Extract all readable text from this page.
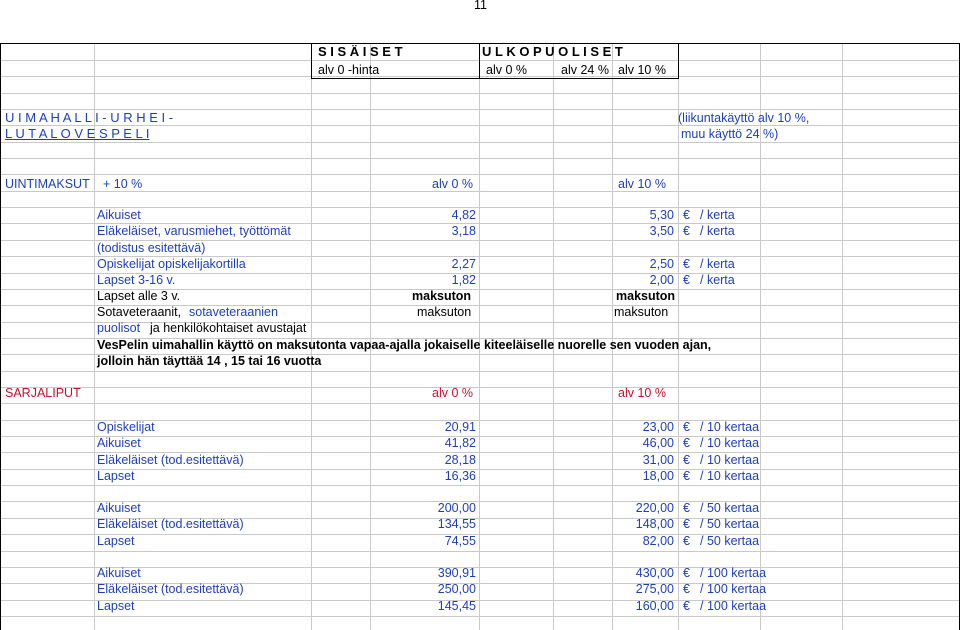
11
S I S Ä I S E T	U L K O P U O L I S E T
alv 0 -hinta	alv 0 %	alv 24 % alv 10 %
U I M A H A L L I - U R H E I -
L U T A L O V E S P E L I
(liikuntakäyttö alv 10 %,
muu käyttö 24 %)
UINTIMAKSUT + 10 %	alv 0 %	alv 10 %
Aikuiset	4,82	5,30 € / kerta
Eläkeläiset, varusmiehet, työttömät	3,18	3,50 € / kerta
(todistus esitettävä)
Opiskelijat opiskelijakortilla	2,27	2,50 € / kerta
Lapset 3-16 v.	1,82	2,00 € / kerta
Lapset alle 3 v.	maksuton	maksuton
Sotaveteraanit, sotaveteraanien	maksuton	maksuton
puolisot ja henkilökohtaiset avustajat
VesPelin uimahallin käyttö on maksutonta vapaa-ajalla jokaiselle kiteeläiselle nuorelle sen vuoden ajan,
jolloin hän täyttää 14 , 15 tai 16 vuotta
SARJALIPUT	alv 0 %	alv 10 %
Opiskelijat	20,91	23,00 € / 10 kertaa
Aikuiset	41,82	46,00 € / 10 kertaa
Eläkeläiset (tod.esitettävä)	28,18	31,00 € / 10 kertaa
Lapset	16,36	18,00 € / 10 kertaa
Aikuiset	200,00	220,00 € / 50 kertaa
Eläkeläiset (tod.esitettävä)	134,55	148,00 € / 50 kertaa
Lapset	74,55	82,00 € / 50 kertaa
Aikuiset	390,91	430,00 € / 100 kertaa
Eläkeläiset (tod.esitettävä)	250,00	275,00 € / 100 kertaa
Lapset	145,45	160,00 € / 100 kertaa
